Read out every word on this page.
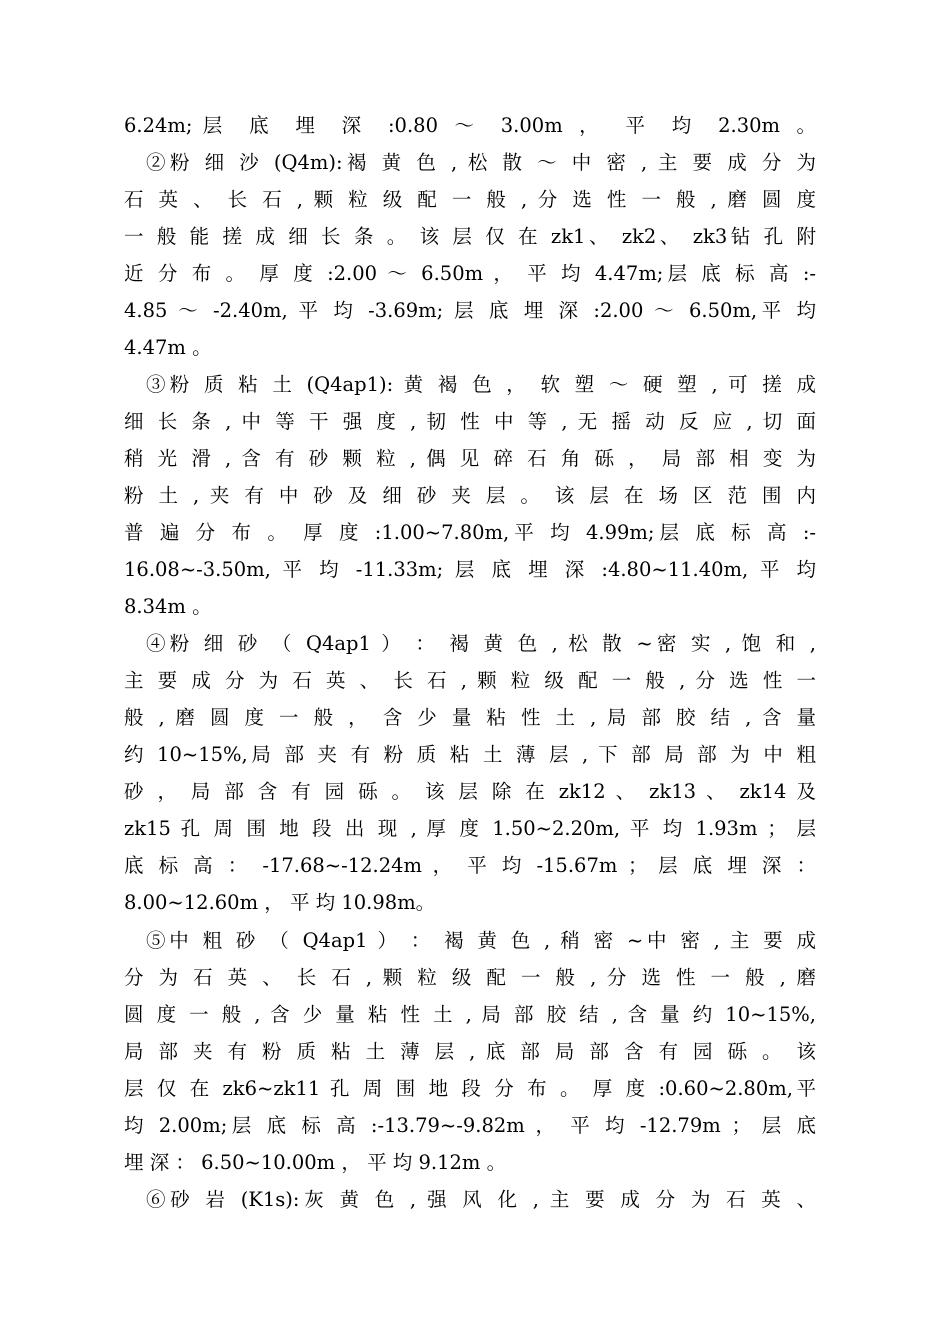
6.24m;层 底 埋 深 :0.80 ～ 3.00m ， 平 均 2.30m 。
②粉 细 沙 (Q4m):褐 黄 色 , 松 散 ～ 中 密 , 主 要 成 分 为
石 英 、 长 石 , 颗 粒 级 配 一 般 , 分 选 性 一 般 , 磨 圆 度
一 般 能 搓 成 细 长 条 。 该 层 仅 在 zk1、 zk2、 zk3钻 孔 附
近 分 布 。 厚 度 :2.00 ～ 6.50m ， 平 均 4.47m;层 底 标 高 :-
4.85 ～ -2.40m, 平 均 -3.69m; 层 底 埋 深 :2.00 ～ 6.50m,平 均
4.47m 。
③粉 质 粘 土 (Q4ap1): 黄 褐 色 ， 软 塑 ～ 硬 塑 , 可 搓 成
细 长 条 , 中 等 干 强 度 , 韧 性 中 等 , 无 摇 动 反 应 , 切 面
稍 光 滑 , 含 有 砂 颗 粒 , 偶 见 碎 石 角 砾 ， 局 部 相 变 为
粉 土 , 夹 有 中 砂 及 细 砂 夹 层 。 该 层 在 场 区 范 围 内
普 遍 分 布 。 厚 度 :1.00~7.80m,平 均 4.99m;层 底 标 高 :-
16.08~-3.50m, 平 均 -11.33m; 层 底 埋 深 :4.80~11.40m, 平 均
8.34m 。
④粉 细 砂 （ Q4ap1 ） ： 褐 黄 色 , 松 散 ~密 实 , 饱 和 ,
主 要 成 分 为 石 英 、 长 石 , 颗 粒 级 配 一 般 , 分 选 性 一
般 , 磨 圆 度 一 般 ， 含 少 量 粘 性 土 , 局 部 胶 结 , 含 量
约 10~15%,局 部 夹 有 粉 质 粘 土 薄 层 , 下 部 局 部 为 中 粗
砂 ， 局 部 含 有 园 砾 。 该 层 除 在 zk12 、 zk13 、 zk14 及
zk15 孔 周 围 地 段 出 现 , 厚 度 1.50~2.20m, 平 均 1.93m ； 层
底 标 高 ： -17.68~-12.24m ， 平 均 -15.67m ； 层 底 埋 深 ：
8.00~12.60m ， 平 均 10.98m。
⑤中 粗 砂 （ Q4ap1 ） ： 褐 黄 色 , 稍 密 ~中 密 , 主 要 成
分 为 石 英 、 长 石 , 颗 粒 级 配 一 般 , 分 选 性 一 般 , 磨
圆 度 一 般 , 含 少 量 粘 性 土 , 局 部 胶 结 , 含 量 约 10~15%,
局 部 夹 有 粉 质 粘 土 薄 层 , 底 部 局 部 含 有 园 砾 。 该
层 仅 在 zk6~zk11 孔 周 围 地 段 分 布 。 厚 度 :0.60~2.80m,平
均 2.00m;层 底 标 高 :-13.79~-9.82m ， 平 均 -12.79m ； 层 底
埋 深 ： 6.50~10.00m ， 平 均 9.12m 。
⑥砂 岩 (K1s):灰 黄 色 , 强 风 化 , 主 要 成 分 为 石 英 、
